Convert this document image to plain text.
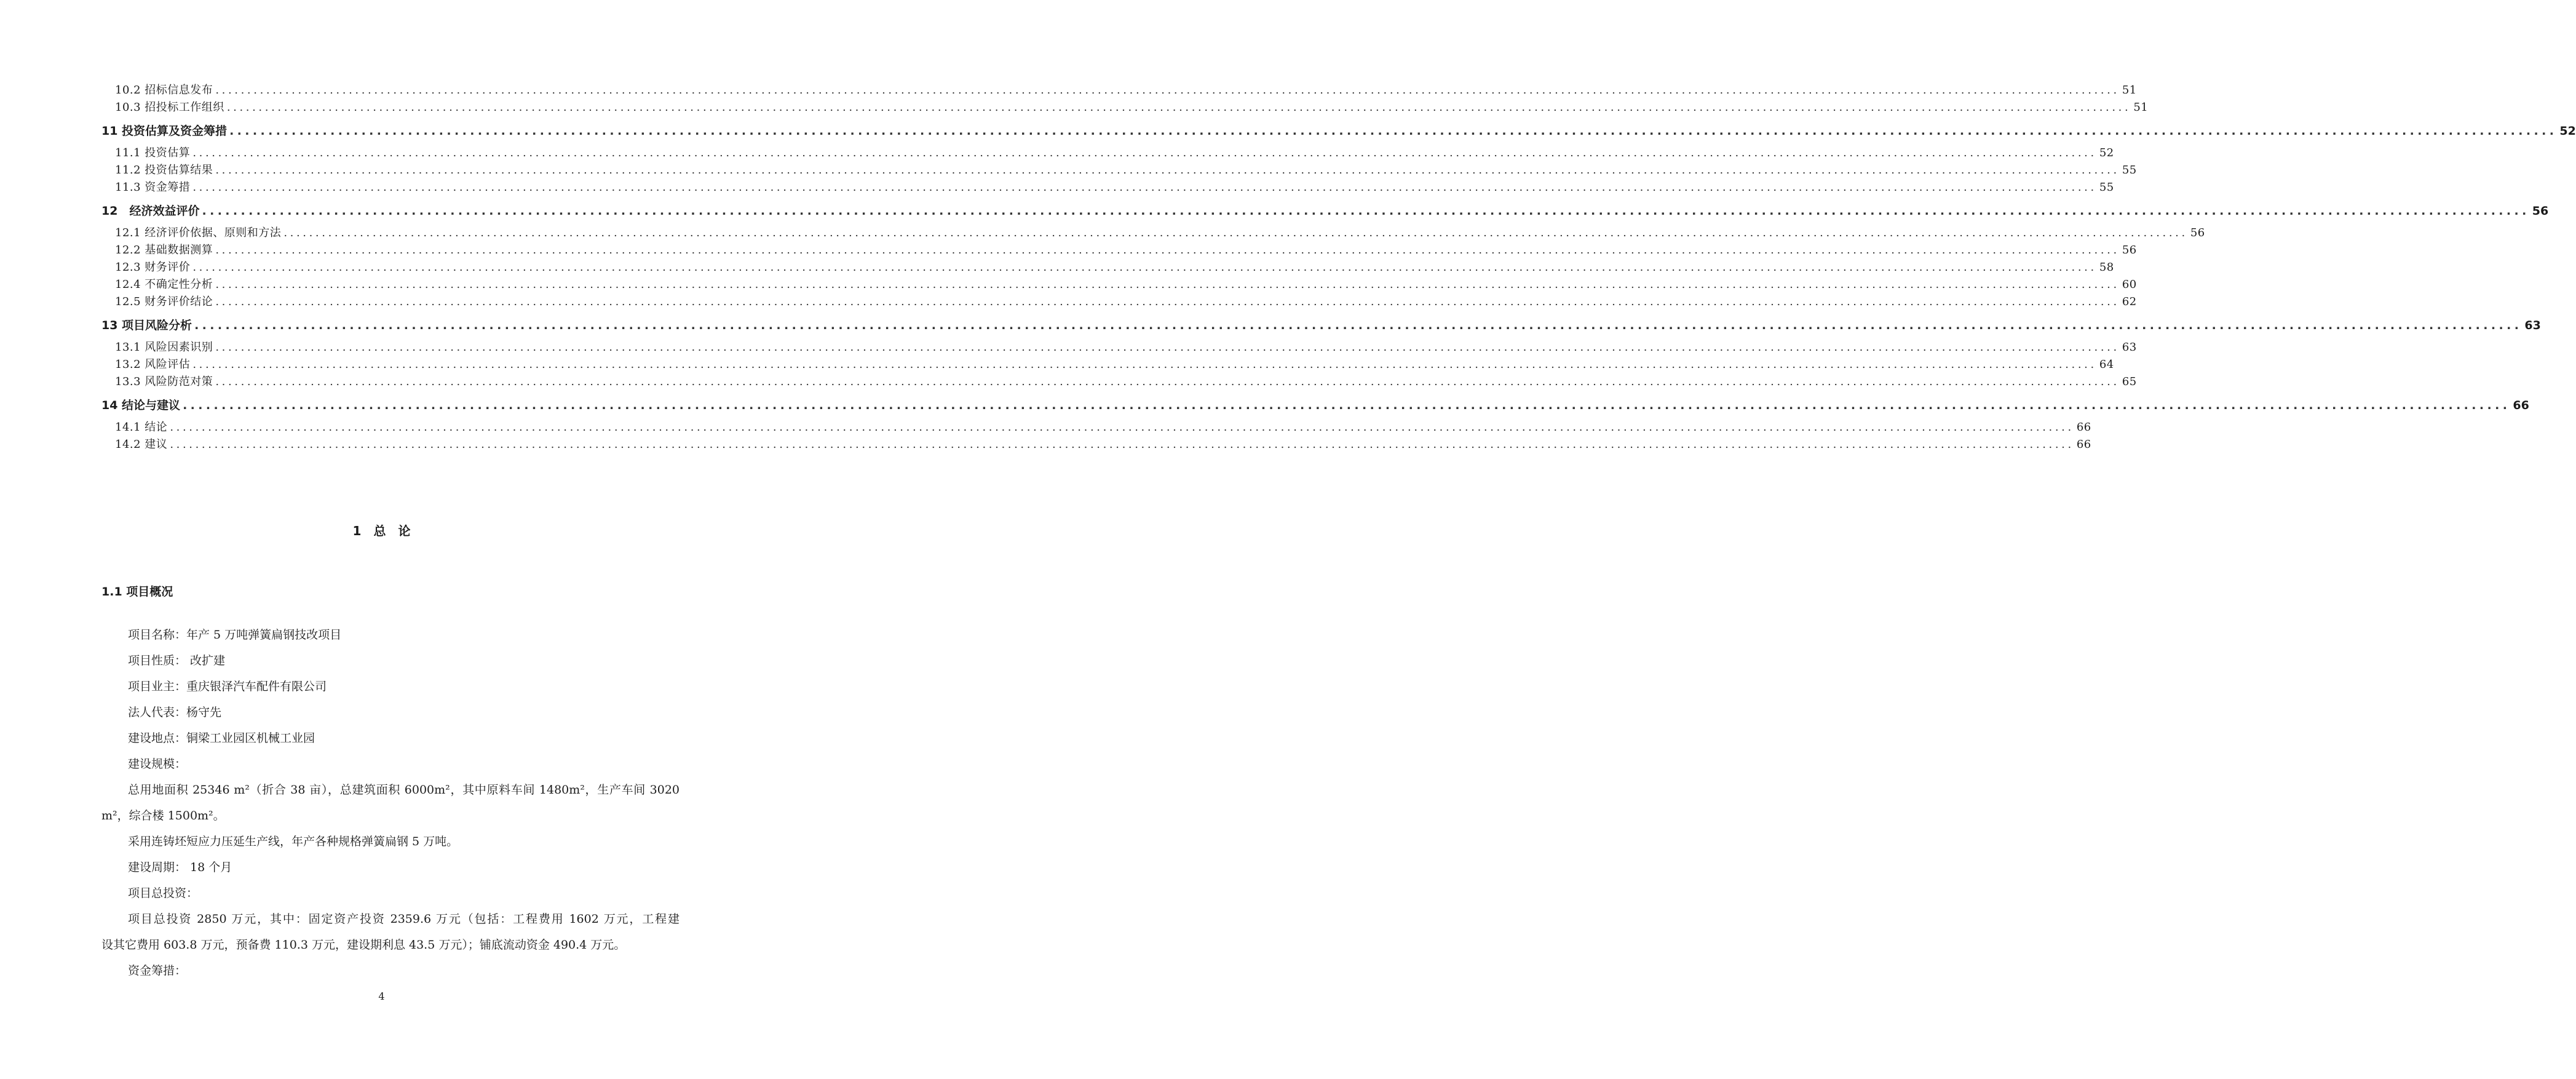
10.2 招标信息发布 ............................................................................................................................................................................................................................................................................................................ 51
10.3 招投标工作组织 ............................................................................................................................................................................................................................................................................................................ 51
11 投资估算及资金筹措 ............................................................................................................................................................................................................................................................................................................ 52
11.1 投资估算 ............................................................................................................................................................................................................................................................................................................ 52
11.2 投资估算结果 ............................................................................................................................................................................................................................................................................................................ 55
11.3 资金筹措 ............................................................................................................................................................................................................................................................................................................ 55
12　经济效益评价 ............................................................................................................................................................................................................................................................................................................ 56
12.1 经济评价依据、原则和方法 ............................................................................................................................................................................................................................................................................................................ 56
12.2 基础数据测算 ............................................................................................................................................................................................................................................................................................................ 56
12.3 财务评价 ............................................................................................................................................................................................................................................................................................................ 58
12.4 不确定性分析 ............................................................................................................................................................................................................................................................................................................ 60
12.5 财务评价结论 ............................................................................................................................................................................................................................................................................................................ 62
13 项目风险分析 ............................................................................................................................................................................................................................................................................................................ 63
13.1 风险因素识别 ............................................................................................................................................................................................................................................................................................................ 63
13.2 风险评估 ............................................................................................................................................................................................................................................................................................................ 64
13.3 风险防范对策 ............................................................................................................................................................................................................................................................................................................ 65
14 结论与建议 ............................................................................................................................................................................................................................................................................................................ 66
14.1 结论 ............................................................................................................................................................................................................................................................................................................ 66
14.2 建议 ............................................................................................................................................................................................................................................................................................................ 66
1　总　论
1.1 项目概况
项目名称：年产 5 万吨弹簧扁钢技改项目
项目性质： 改扩建
项目业主：重庆银泽汽车配件有限公司
法人代表：杨守先
建设地点：铜梁工业园区机械工业园
建设规模：
总用地面积 25346 m²（折合 38 亩），总建筑面积 6000m²，其中原料车间 1480m²，生产车间 3020
m²，综合楼 1500m²。
采用连铸坯短应力压延生产线，年产各种规格弹簧扁钢 5 万吨。
建设周期： 18 个月
项目总投资：
项目总投资 2850 万元，其中：固定资产投资 2359.6 万元（包括：工程费用 1602 万元，工程建
设其它费用 603.8 万元，预备费 110.3 万元，建设期利息 43.5 万元）；铺底流动资金 490.4 万元。
资金筹措：
4
